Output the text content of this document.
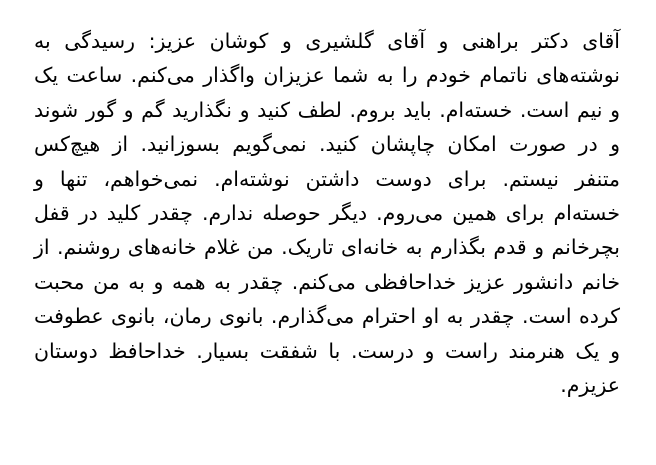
آقای دکتر براهنی و آقای گلشیری و کوشان عزیز: رسیدگی به نوشته‌های ناتمام خودم را به شما عزیزان واگذار می‌کنم. ساعت یک و نیم است. خسته‌ام. باید بروم. لطف کنید و نگذارید گم و گور شوند و در صورت امکان چاپشان کنید. نمی‌گویم بسوزانید. از هیچ‌کس متنفر نیستم. برای دوست داشتن نوشته‌ام. نمی‌خواهم، تنها و خسته‌ام برای همین می‌روم. دیگر حوصله ندارم. چقدر کلید در قفل بچرخانم و قدم بگذارم به خانه‌ای تاریک. من غلام خانه‌های روشنم. از خانم دانشور عزیز خداحافظی می‌کنم. چقدر به همه و به من محبت کرده است. چقدر به او احترام می‌گذارم. بانوی رمان، بانوی عطوفت و یک هنرمند راست و درست. با شفقت بسیار. خداحافظ دوستان عزیزم.
